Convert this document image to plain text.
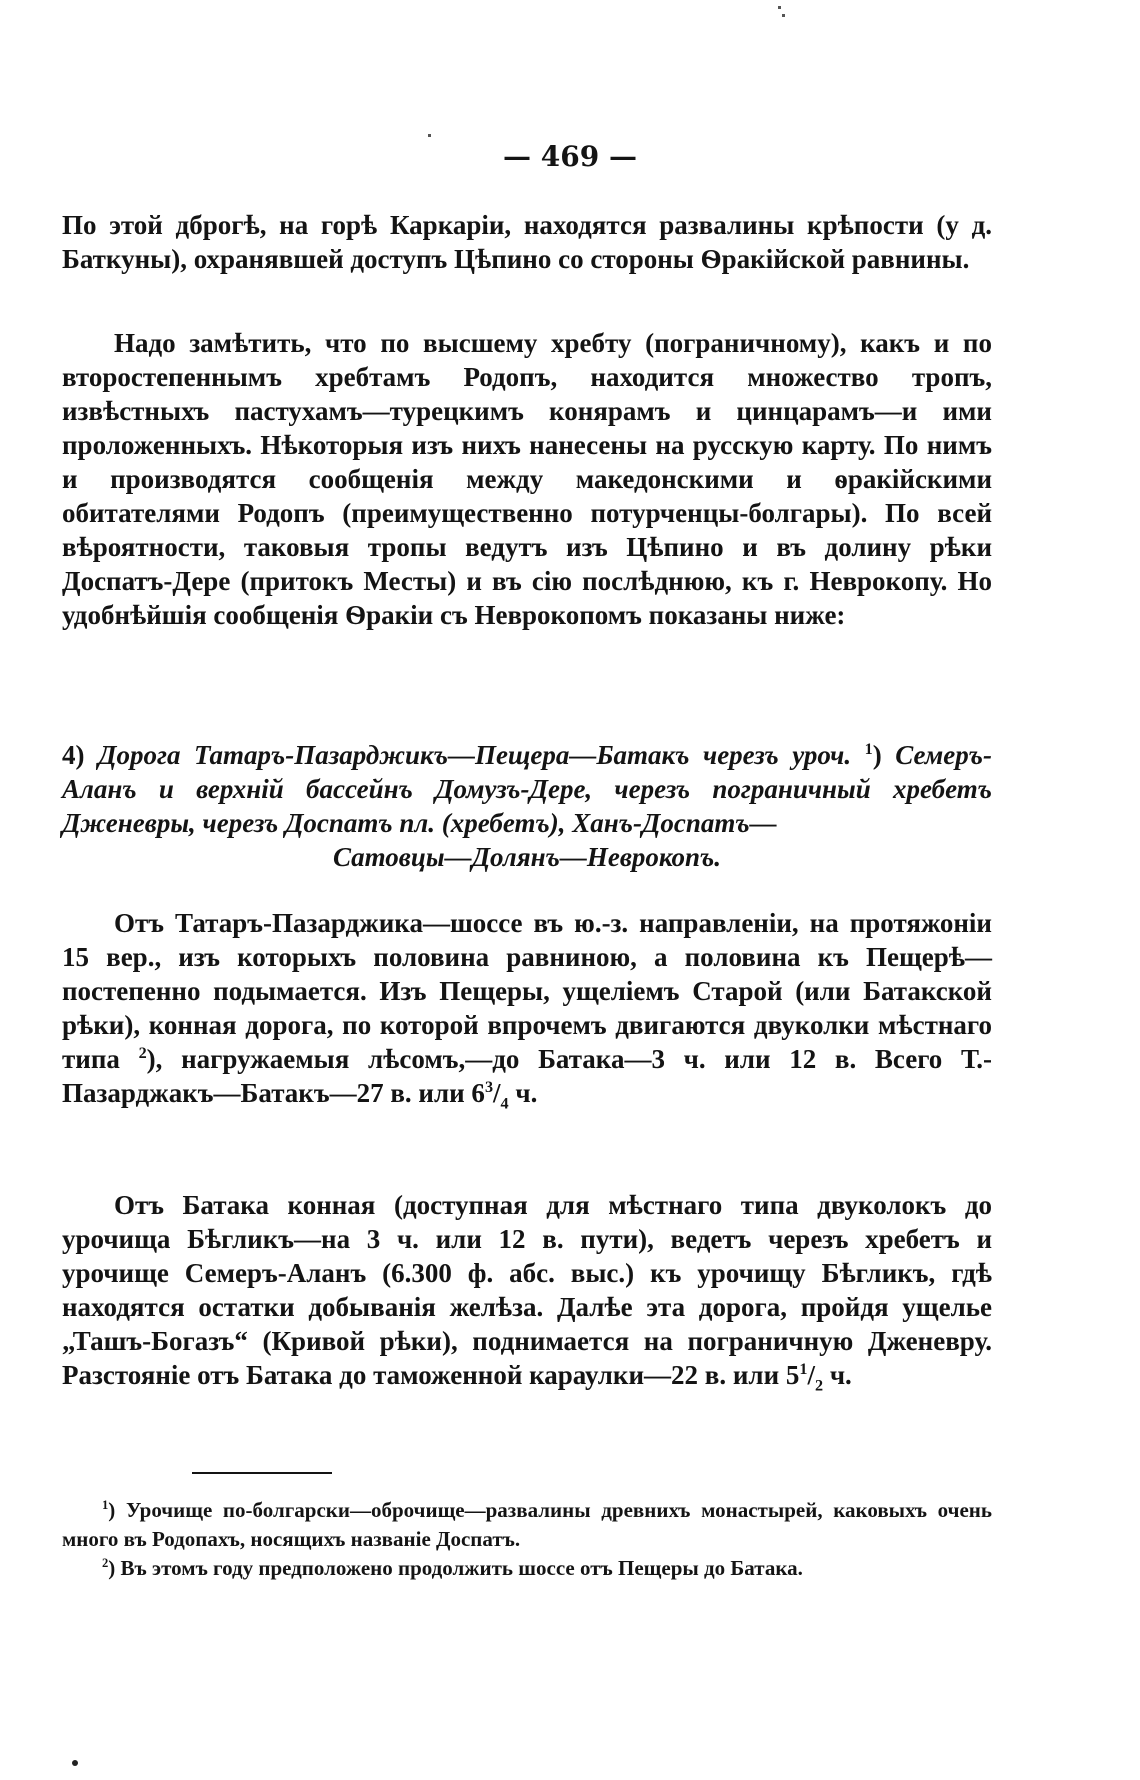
— 469 —

По этой дброгѣ, на горѣ Каркаріи, находятся развалины крѣпости (у д. Баткуны), охранявшей доступъ Цѣпино со стороны Ѳракійской равнины.

Надо замѣтить, что по высшему хребту (пограничному), какъ и по второстепеннымъ хребтамъ Родопъ, находится множество тропъ, извѣстныхъ пастухамъ—турецкимъ конярамъ и цинцарамъ—и ими проложенныхъ. Нѣкоторыя изъ нихъ нанесены на русскую карту. По нимъ и производятся сообщенія между македонскими и ѳракійскими обитателями Родопъ (преимущественно потурченцы-болгары). По всей вѣроятности, таковыя тропы ведутъ изъ Цѣпино и въ долину рѣки Доспатъ-Дере (притокъ Месты) и въ сію послѣднюю, къ г. Неврокопу. Но удобнѣйшія сообщенія Ѳракіи съ Неврокопомъ показаны ниже:

4) Дорога Татаръ-Пазарджикъ—Пещера—Батакъ черезъ уроч. $^1$) Семеръ-Аланъ и верхній бассейнъ Домузъ-Дере, черезъ пограничный хребетъ Дженевры, черезъ Доспатъ пл. (хребетъ), Ханъ-Доспатъ—
Сатовцы—Долянъ—Неврокопъ.

Отъ Татаръ-Пазарджика—шоссе въ ю.-з. направленіи, на протяжоніи 15 вер., изъ которыхъ половина равниною, а половина къ Пещерѣ—постепенно подымается. Изъ Пещеры, ущеліемъ Старой (или Батакской рѣки), конная дорога, по которой впрочемъ двигаются двуколки мѣстнаго типа $^2$), нагружаемыя лѣсомъ,—до Батака—3 ч. или 12 в. Всего Т.-Пазарджакъ—Батакъ—27 в. или $6^3/_4$ ч.

Отъ Батака конная (доступная для мѣстнаго типа двуколокъ до урочища Бѣгликъ—на 3 ч. или 12 в. пути), ведетъ черезъ хребетъ и урочище Семеръ-Аланъ (6.300 ф. абс. выс.) къ урочищу Бѣгликъ, гдѣ находятся остатки добыванія желѣза. Далѣе эта дорога, пройдя ущелье „Ташъ-Богазъ“ (Кривой рѣки), поднимается на пограничную Дженевру. Разстояніе отъ Батака до таможенной караулки—22 в. или $5^1/_2$ ч.

$^1$) Урочище по-болгарски—оброчище—развалины древнихъ монастырей, каковыхъ очень много въ Родопахъ, носящихъ названіе Доспатъ.

$^2$) Въ этомъ году предположено продолжить шоссе отъ Пещеры до Батака.
